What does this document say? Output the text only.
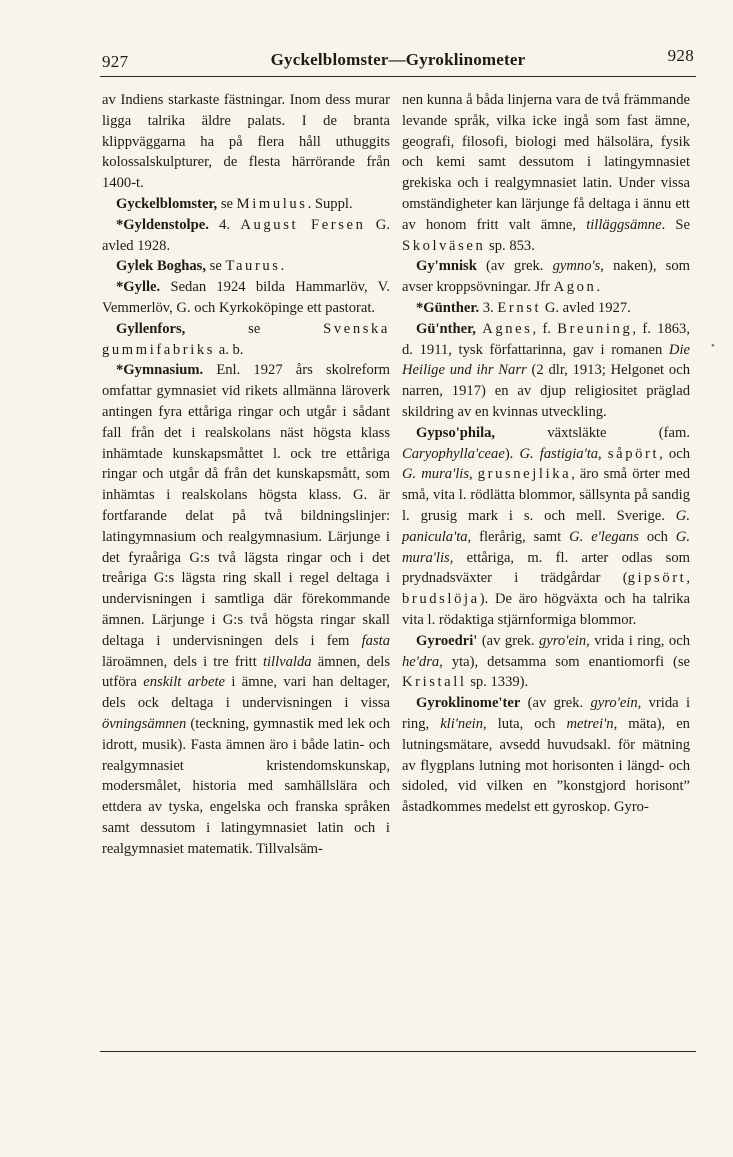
927	Gyckelblomster—Gyroklinometer	928

av Indiens starkaste fästningar. Inom dess murar ligga talrika äldre palats. I de branta klippväggarna ha på flera håll uthuggits kolossalskulpturer, de flesta härrörande från 1400-t.

Gyckelblomster, se Mimulus. Suppl.

*Gyldenstolpe. 4. August Fersen G. avled 1928.

Gylek Boghas, se Taurus.

*Gylle. Sedan 1924 bilda Hammarlöv, V. Vemmerlöv, G. och Kyrkoköpinge ett pastorat.

Gyllenfors, se Svenska gummifabriks a. b.

*Gymnasium. Enl. 1927 års skolreform omfattar gymnasiet vid rikets allmänna läroverk antingen fyra ettåriga ringar och utgår i sådant fall från det i realskolans näst högsta klass inhämtade kunskapsmåttet l. ock tre ettåriga ringar och utgår då från det kunskapsmått, som inhämtas i realskolans högsta klass. G. är fortfarande delat på två bildningslinjer: latingymnasium och realgymnasium. Lärjunge i det fyraåriga G:s två lägsta ringar och i det treåriga G:s lägsta ring skall i regel deltaga i undervisningen i samtliga där förekommande ämnen. Lärjunge i G:s två högsta ringar skall deltaga i undervisningen dels i fem fasta läroämnen, dels i tre fritt tillvalda ämnen, dels utföra enskilt arbete i ämne, vari han deltager, dels ock deltaga i undervisningen i vissa övningsämnen (teckning, gymnastik med lek och idrott, musik). Fasta ämnen äro i både latin- och realgymnasiet kristendomskunskap, modersmålet, historia med samhällslära och ettdera av tyska, engelska och franska språken samt dessutom i latingymnasiet latin och i realgymnasiet matematik. Tillvalsäm-

nen kunna å båda linjerna vara de två främmande levande språk, vilka icke ingå som fast ämne, geografi, filosofi, biologi med hälsolära, fysik och kemi samt dessutom i latingymnasiet grekiska och i realgymnasiet latin. Under vissa omständigheter kan lärjunge få deltaga i ännu ett av honom fritt valt ämne, tilläggsämne. Se Skolväsen sp. 853.

Gy'mnisk (av grek. gymno's, naken), som avser kroppsövningar. Jfr Agon.

*Günther. 3. Ernst G. avled 1927.

Gü'nther, Agnes, f. Breuning, f. 1863, d. 1911, tysk författarinna, gav i romanen Die Heilige und ihr Narr (2 dlr, 1913; Helgonet och narren, 1917) en av djup religiositet präglad skildring av en kvinnas utveckling.

Gypso'phila, växtsläkte (fam. Caryophylla'ceae). G. fastigia'ta, såpört, och G. mura'lis, grusnejlika, äro små örter med små, vita l. rödlätta blommor, sällsynta på sandig l. grusig mark i s. och mell. Sverige. G. panicula'ta, flerårig, samt G. e'legans och G. mura'lis, ettåriga, m. fl. arter odlas som prydnadsväxter i trädgårdar (gipsört, brudslöja). De äro högväxta och ha talrika vita l. rödaktiga stjärnformiga blommor.

Gyroedri' (av grek. gyro'ein, vrida i ring, och he'dra, yta), detsamma som enantiomorfi (se Kristall sp. 1339).

Gyroklinome'ter (av grek. gyro'ein, vrida i ring, kli'nein, luta, och metrei'n, mäta), en lutningsmätare, avsedd huvudsakl. för mätning av flygplans lutning mot horisonten i längd- och sidoled, vid vilken en ”konstgjord horisont” åstadkommes medelst ett gyroskop. Gyro-

•
